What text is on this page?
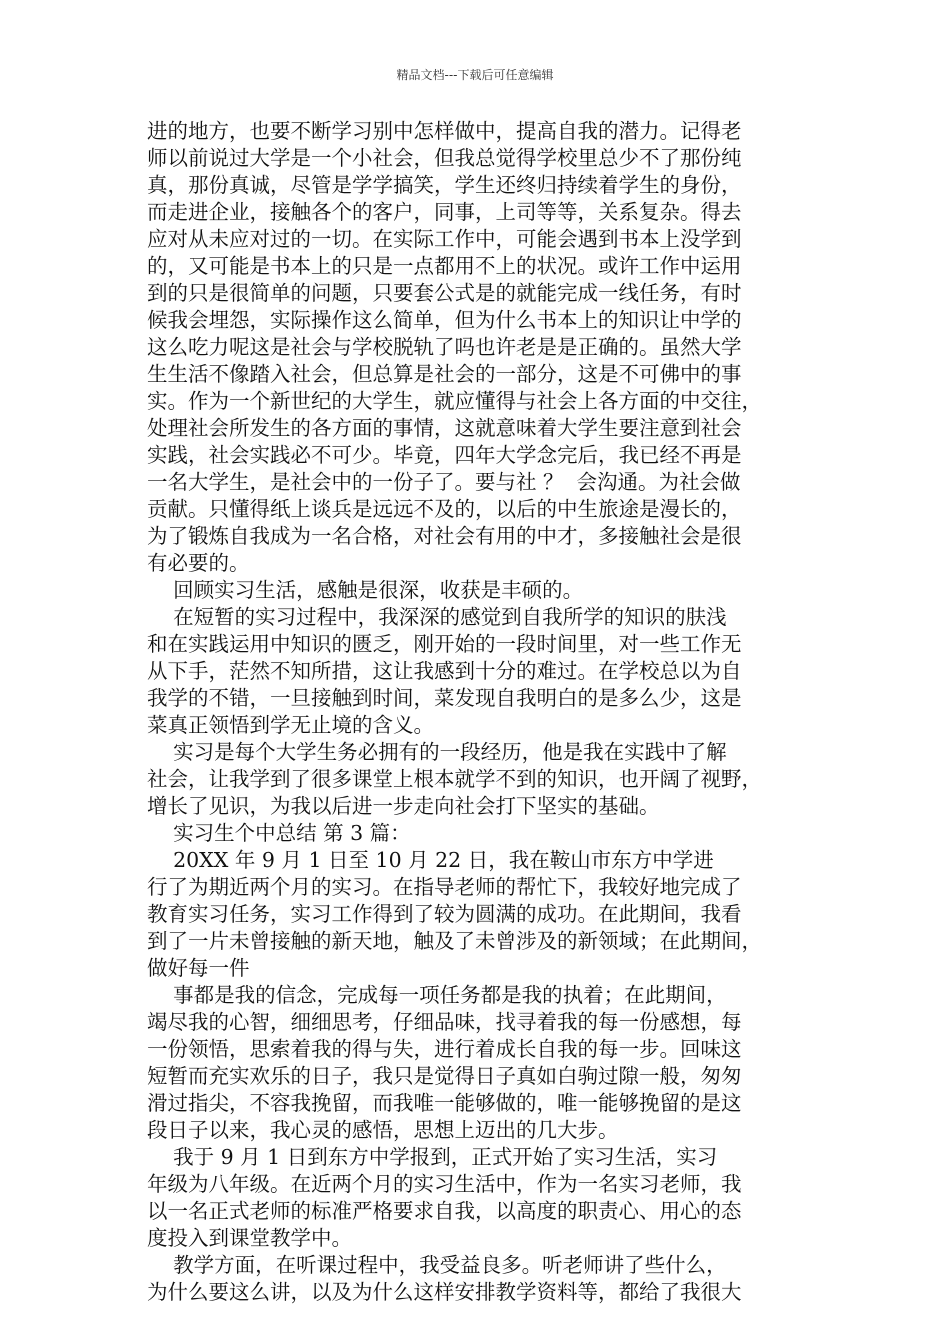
精品文档---下载后可任意编辑
进的地方，也要不断学习别中怎样做中，提高自我的潜力。记得老
师以前说过大学是一个小社会，但我总觉得学校里总少不了那份纯
真，那份真诚，尽管是学学搞笑，学生还终归持续着学生的身份，
而走进企业，接触各个的客户，同事，上司等等，关系复杂。得去
应对从未应对过的一切。在实际工作中，可能会遇到书本上没学到
的，又可能是书本上的只是一点都用不上的状况。或许工作中运用
到的只是很简单的问题，只要套公式是的就能完成一线任务，有时
候我会埋怨，实际操作这么简单，但为什么书本上的知识让中学的
这么吃力呢这是社会与学校脱轨了吗也许老是是正确的。虽然大学
生生活不像踏入社会，但总算是社会的一部分，这是不可佛中的事
实。作为一个新世纪的大学生，就应懂得与社会上各方面的中交往，
处理社会所发生的各方面的事情，这就意味着大学生要注意到社会
实践，社会实践必不可少。毕竟，四年大学念完后，我已经不再是
一名大学生，是社会中的一份子了。要与社 ？  会沟通。为社会做
贡献。只懂得纸上谈兵是远远不及的，以后的中生旅途是漫长的，
为了锻炼自我成为一名合格，对社会有用的中才，多接触社会是很
有必要的。
回顾实习生活，感触是很深，收获是丰硕的。
在短暂的实习过程中，我深深的感觉到自我所学的知识的肤浅
和在实践运用中知识的匮乏，刚开始的一段时间里，对一些工作无
从下手，茫然不知所措，这让我感到十分的难过。在学校总以为自
我学的不错，一旦接触到时间，菜发现自我明白的是多么少，这是
菜真正领悟到学无止境的含义。
实习是每个大学生务必拥有的一段经历，他是我在实践中了解
社会，让我学到了很多课堂上根本就学不到的知识，也开阔了视野，
增长了见识，为我以后进一步走向社会打下坚实的基础。
实习生个中总结 第 3 篇：
20XX 年 9 月 1 日至 10 月 22 日，我在鞍山市东方中学进
行了为期近两个月的实习。在指导老师的帮忙下，我较好地完成了
教育实习任务，实习工作得到了较为圆满的成功。在此期间，我看
到了一片未曾接触的新天地，触及了未曾涉及的新领域；在此期间，
做好每一件
事都是我的信念，完成每一项任务都是我的执着；在此期间，
竭尽我的心智，细细思考，仔细品味，找寻着我的每一份感想，每
一份领悟，思索着我的得与失，进行着成长自我的每一步。回味这
短暂而充实欢乐的日子，我只是觉得日子真如白驹过隙一般，匆匆
滑过指尖，不容我挽留，而我唯一能够做的，唯一能够挽留的是这
段日子以来，我心灵的感悟，思想上迈出的几大步。
我于 9 月 1 日到东方中学报到，正式开始了实习生活，实习
年级为八年级。在近两个月的实习生活中，作为一名实习老师，我
以一名正式老师的标准严格要求自我，以高度的职责心、用心的态
度投入到课堂教学中。
教学方面，在听课过程中，我受益良多。听老师讲了些什么，
为什么要这么讲，以及为什么这样安排教学资料等，都给了我很大
